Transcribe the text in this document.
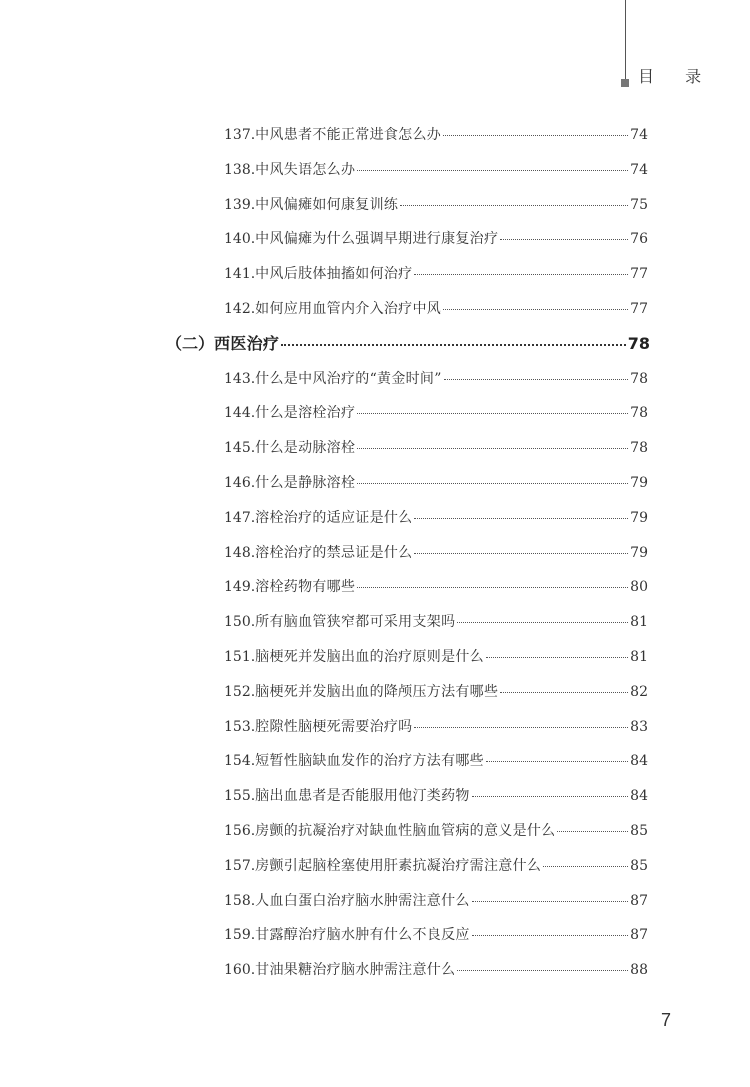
目 录
137. 中风患者不能正常进食怎么办	74
138. 中风失语怎么办	74
139. 中风偏瘫如何康复训练	75
140. 中风偏瘫为什么强调早期进行康复治疗	76
141. 中风后肢体抽搐如何治疗	77
142. 如何应用血管内介入治疗中风	77
（二） 西医治疗	78
143. 什么是中风治疗的“黄金时间”	78
144. 什么是溶栓治疗	78
145. 什么是动脉溶栓	78
146. 什么是静脉溶栓	79
147. 溶栓治疗的适应证是什么	79
148. 溶栓治疗的禁忌证是什么	79
149. 溶栓药物有哪些	80
150. 所有脑血管狭窄都可采用支架吗	81
151. 脑梗死并发脑出血的治疗原则是什么	81
152. 脑梗死并发脑出血的降颅压方法有哪些	82
153. 腔隙性脑梗死需要治疗吗	83
154. 短暂性脑缺血发作的治疗方法有哪些	84
155. 脑出血患者是否能服用他汀类药物	84
156. 房颤的抗凝治疗对缺血性脑血管病的意义是什么	85
157. 房颤引起脑栓塞使用肝素抗凝治疗需注意什么	85
158. 人血白蛋白治疗脑水肿需注意什么	87
159. 甘露醇治疗脑水肿有什么不良反应	87
160. 甘油果糖治疗脑水肿需注意什么	88
7
